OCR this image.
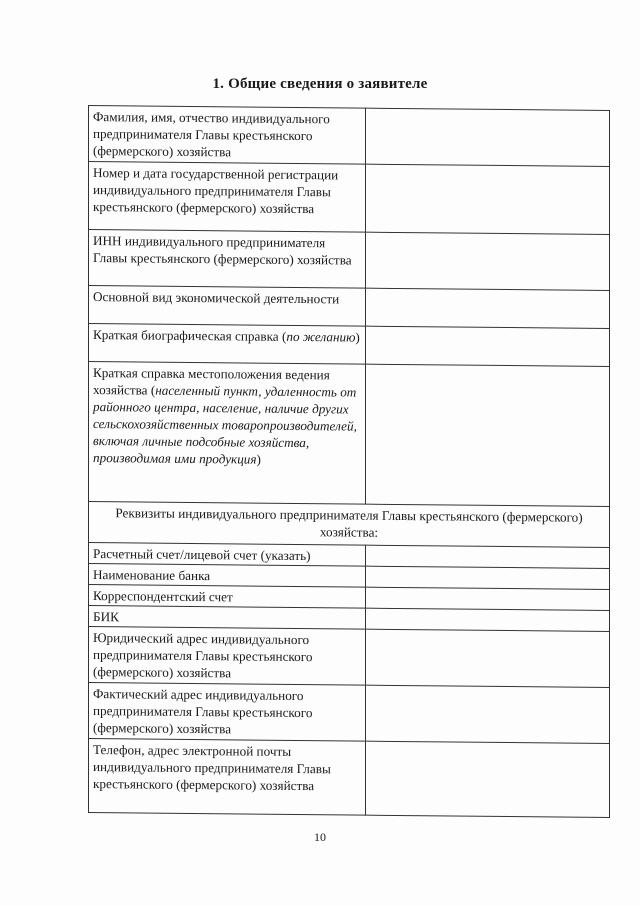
1. Общие сведения о заявителе
Фамилия, имя, отчество индивидуального предпринимателя Главы крестьянского (фермерского) хозяйства	
Номер и дата государственной регистрации индивидуального предпринимателя Главы крестьянского (фермерского) хозяйства	
ИНН индивидуального предпринимателя Главы крестьянского (фермерского) хозяйства	
Основной вид экономической деятельности	
Краткая биографическая справка (по желанию)	
Краткая справка местоположения ведения хозяйства (населенный пункт, удаленность от районного центра, население, наличие других сельскохозяйственных товаропроизводителей, включая личные подсобные хозяйства, производимая ими продукция)	
Реквизиты индивидуального предпринимателя Главы крестьянского (фермерского) хозяйства:	
Расчетный счет/лицевой счет (указать)	
Наименование банка	
Корреспондентский счет	
БИК	
Юридический адрес индивидуального предпринимателя Главы крестьянского (фермерского) хозяйства	
Фактический адрес индивидуального предпринимателя Главы крестьянского (фермерского) хозяйства	
Телефон, адрес электронной почты индивидуального предпринимателя Главы крестьянского (фермерского) хозяйства	
10
